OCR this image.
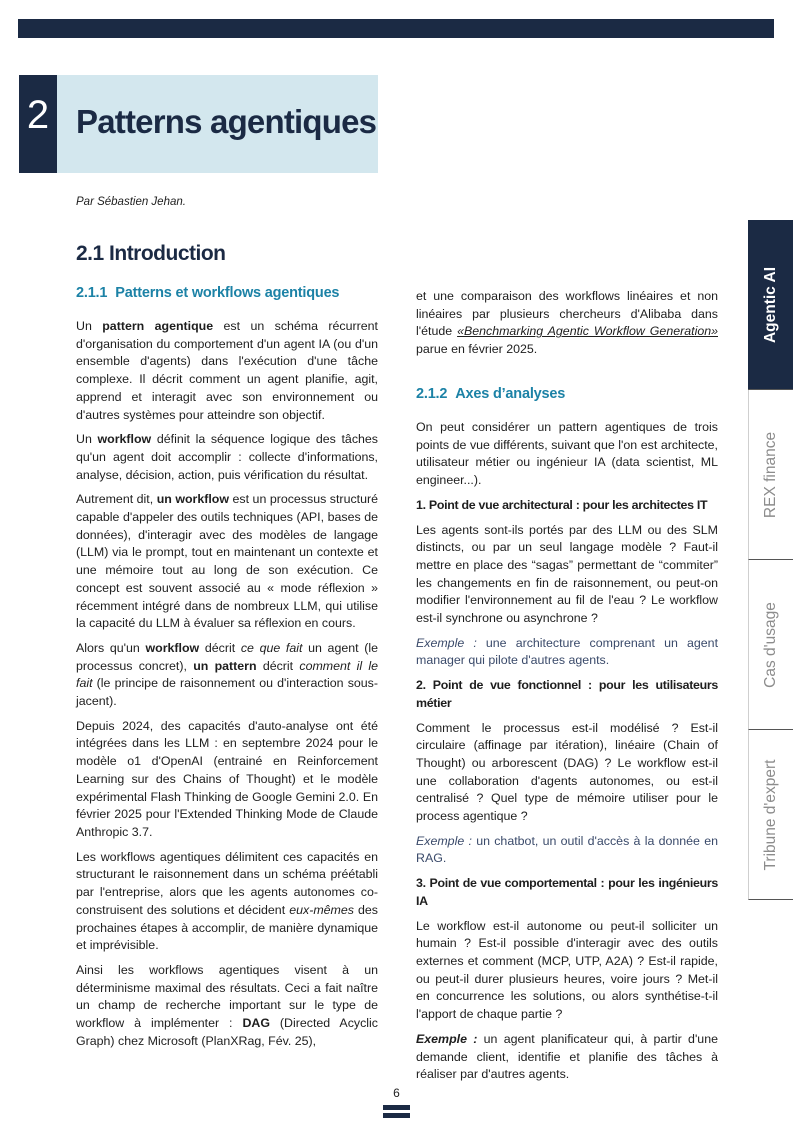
2 Patterns agentiques
Par Sébastien Jehan.
2.1 Introduction
2.1.1 Patterns et workflows agentiques

Un pattern agentique est un schéma récurrent d'organisation du comportement d'un agent IA (ou d'un ensemble d'agents) dans l'exécution d'une tâche complexe. Il décrit comment un agent planifie, agit, apprend et interagit avec son environnement ou d'autres systèmes pour atteindre son objectif.

Un workflow définit la séquence logique des tâches qu'un agent doit accomplir : collecte d'informations, analyse, décision, action, puis vérification du résultat.

Autrement dit, un workflow est un processus structuré capable d'appeler des outils techniques (API, bases de données), d'interagir avec des modèles de langage (LLM) via le prompt, tout en maintenant un contexte et une mémoire tout au long de son exécution. Ce concept est souvent associé au « mode réflexion » récemment intégré dans de nombreux LLM, qui utilise la capacité du LLM à évaluer sa réflexion en cours.

Alors qu'un workflow décrit ce que fait un agent (le processus concret), un pattern décrit comment il le fait (le principe de raisonnement ou d'interaction sous-jacent).

Depuis 2024, des capacités d'auto-analyse ont été intégrées dans les LLM : en septembre 2024 pour le modèle o1 d'OpenAI (entrainé en Reinforcement Learning sur des Chains of Thought) et le modèle expérimental Flash Thinking de Google Gemini 2.0. En février 2025 pour l'Extended Thinking Mode de Claude Anthropic 3.7.

Les workflows agentiques délimitent ces capacités en structurant le raisonnement dans un schéma préétabli par l'entreprise, alors que les agents autonomes co-construisent des solutions et décident eux-mêmes des prochaines étapes à accomplir, de manière dynamique et imprévisible.

Ainsi les workflows agentiques visent à un déterminisme maximal des résultats. Ceci a fait naître un champ de recherche important sur le type de workflow à implémenter : DAG (Directed Acyclic Graph) chez Microsoft (PlanXRag, Fév. 25),

et une comparaison des workflows linéaires et non linéaires par plusieurs chercheurs d'Alibaba dans l'étude «Benchmarking Agentic Workflow Generation» parue en février 2025.

2.1.2 Axes d’analyses

On peut considérer un pattern agentiques de trois points de vue différents, suivant que l'on est architecte, utilisateur métier ou ingénieur IA (data scientist, ML engineer...).

1. Point de vue architectural : pour les architectes IT

Les agents sont-ils portés par des LLM ou des SLM distincts, ou par un seul langage modèle ? Faut-il mettre en place des “sagas” permettant de “commiter” les changements en fin de raisonnement, ou peut-on modifier l'environnement au fil de l'eau ? Le workflow est-il synchrone ou asynchrone ?

Exemple : une architecture comprenant un agent manager qui pilote d'autres agents.

2. Point de vue fonctionnel : pour les utilisateurs métier

Comment le processus est-il modélisé ? Est-il circulaire (affinage par itération), linéaire (Chain of Thought) ou arborescent (DAG) ? Le workflow est-il une collaboration d'agents autonomes, ou est-il centralisé ? Quel type de mémoire utiliser pour le process agentique ?

Exemple : un chatbot, un outil d'accès à la donnée en RAG.

3. Point de vue comportemental : pour les ingénieurs IA

Le workflow est-il autonome ou peut-il solliciter un humain ? Est-il possible d'interagir avec des outils externes et comment (MCP, UTP, A2A) ? Est-il rapide, ou peut-il durer plusieurs heures, voire jours ? Met-il en concurrence les solutions, ou alors synthétise-t-il l'apport de chaque partie ?

Exemple : un agent planificateur qui, à partir d'une demande client, identifie et planifie des tâches à réaliser par d'autres agents.

Agentic AI
REX finance
Cas d'usage
Tribune d'expert
6
